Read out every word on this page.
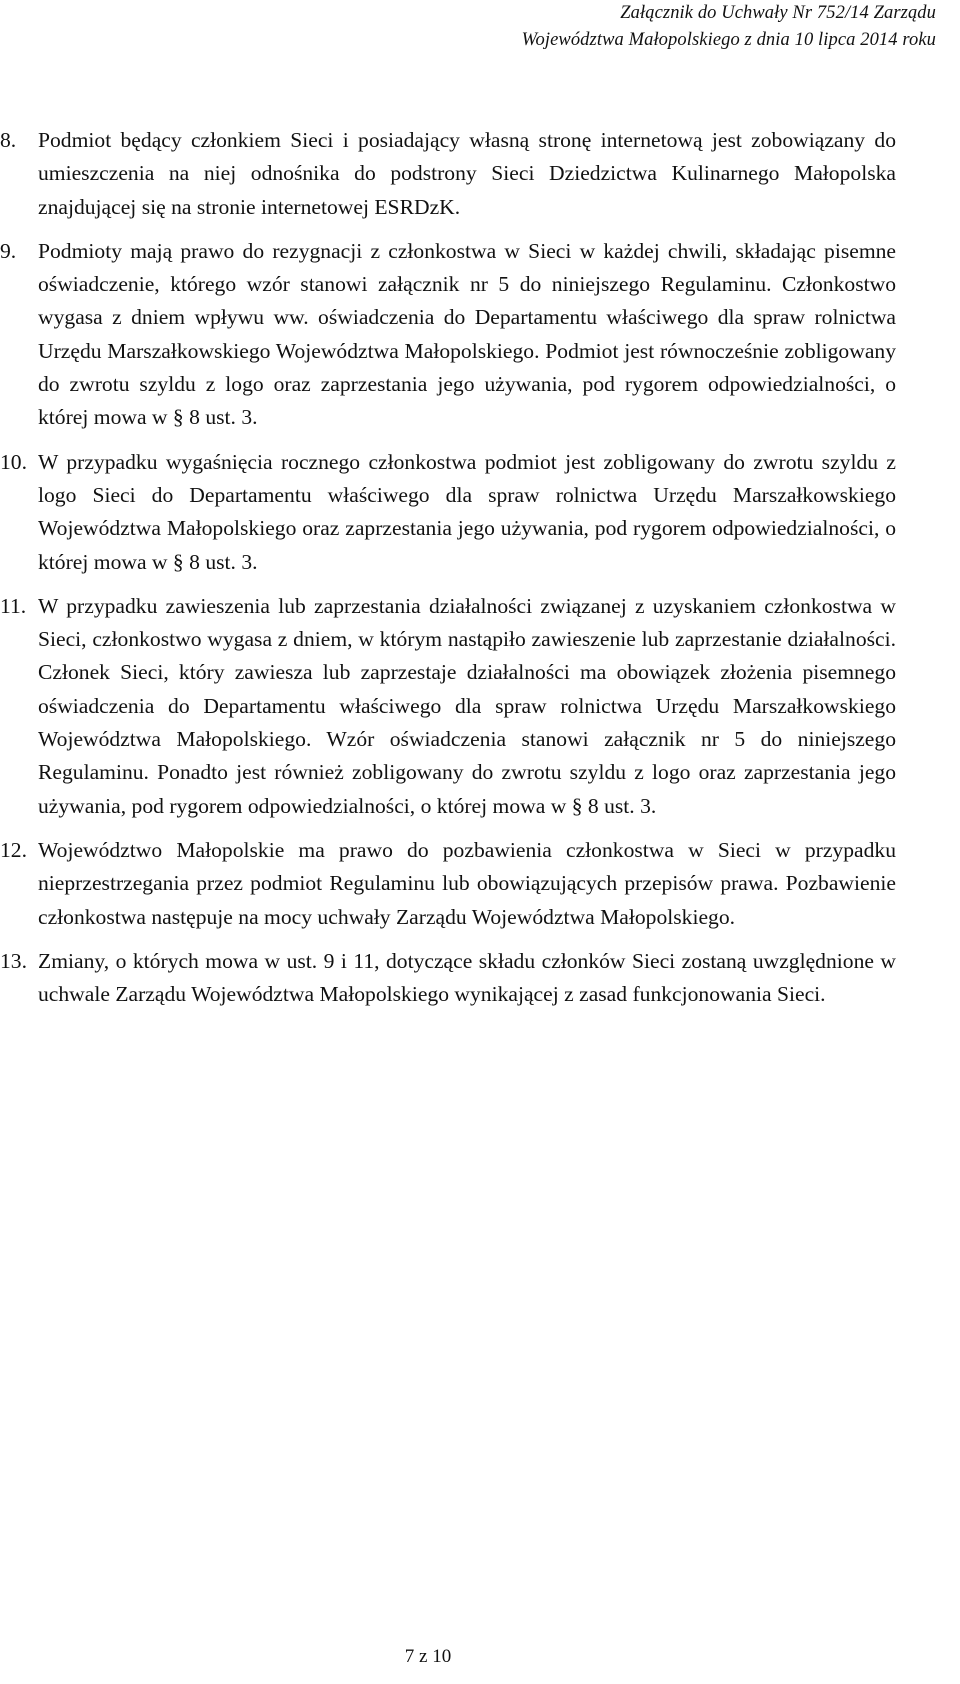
Załącznik do Uchwały Nr 752/14 Zarządu
Województwa Małopolskiego z dnia 10 lipca 2014 roku
8. Podmiot będący członkiem Sieci i posiadający własną stronę internetową jest zobowiązany do umieszczenia na niej odnośnika do podstrony Sieci Dziedzictwa Kulinarnego Małopolska znajdującej się na stronie internetowej ESRDzK.
9. Podmioty mają prawo do rezygnacji z członkostwa w Sieci w każdej chwili, składając pisemne oświadczenie, którego wzór stanowi załącznik nr 5 do niniejszego Regulaminu. Członkostwo wygasa z dniem wpływu ww. oświadczenia do Departamentu właściwego dla spraw rolnictwa Urzędu Marszałkowskiego Województwa Małopolskiego. Podmiot jest równocześnie zobligowany do zwrotu szyldu z logo oraz zaprzestania jego używania, pod rygorem odpowiedzialności, o której mowa w § 8 ust. 3.
10. W przypadku wygaśnięcia rocznego członkostwa podmiot jest zobligowany do zwrotu szyldu z logo Sieci do Departamentu właściwego dla spraw rolnictwa Urzędu Marszałkowskiego Województwa Małopolskiego oraz zaprzestania jego używania, pod rygorem odpowiedzialności, o której mowa w § 8 ust. 3.
11. W przypadku zawieszenia lub zaprzestania działalności związanej z uzyskaniem członkostwa w Sieci, członkostwo wygasa z dniem, w którym nastąpiło zawieszenie lub zaprzestanie działalności. Członek Sieci, który zawiesza lub zaprzestaje działalności ma obowiązek złożenia pisemnego oświadczenia do Departamentu właściwego dla spraw rolnictwa Urzędu Marszałkowskiego Województwa Małopolskiego. Wzór oświadczenia stanowi załącznik nr 5 do niniejszego Regulaminu. Ponadto jest również zobligowany do zwrotu szyldu z logo oraz zaprzestania jego używania, pod rygorem odpowiedzialności, o której mowa w § 8 ust. 3.
12. Województwo Małopolskie ma prawo do pozbawienia członkostwa w Sieci w przypadku nieprzestrzegania przez podmiot Regulaminu lub obowiązujących przepisów prawa. Pozbawienie członkostwa następuje na mocy uchwały Zarządu Województwa Małopolskiego.
13. Zmiany, o których mowa w ust. 9 i 11, dotyczące składu członków Sieci zostaną uwzględnione w uchwale Zarządu Województwa Małopolskiego wynikającej z zasad funkcjonowania Sieci.
7 z 10
